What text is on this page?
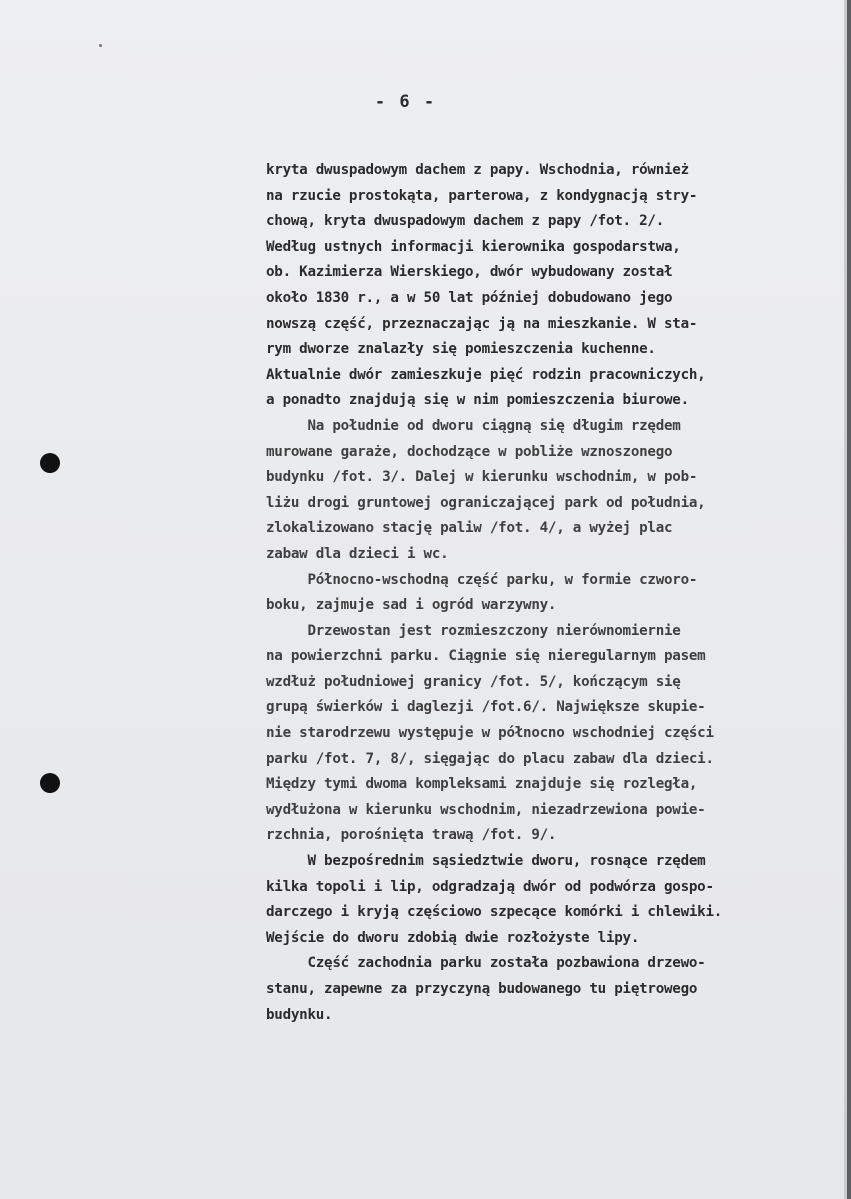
- 6 -
kryta dwuspadowym dachem z papy. Wschodnia, również
na rzucie prostokąta, parterowa, z kondygnacją stry-
chową, kryta dwuspadowym dachem z papy /fot. 2/.
Według ustnych informacji kierownika gospodarstwa,
ob. Kazimierza Wierskiego, dwór wybudowany został
około 1830 r., a w 50 lat później dobudowano jego
nowszą część, przeznaczając ją na mieszkanie. W sta-
rym dworze znalazły się pomieszczenia kuchenne.
Aktualnie dwór zamieszkuje pięć rodzin pracowniczych,
a ponadto znajdują się w nim pomieszczenia biurowe.
Na południe od dworu ciągną się długim rzędem
murowane garaże, dochodzące w pobliże wznoszonego
budynku /fot. 3/. Dalej w kierunku wschodnim, w pob-
liżu drogi gruntowej ograniczającej park od południa,
zlokalizowano stację paliw /fot. 4/, a wyżej plac
zabaw dla dzieci i wc.
Północno-wschodną część parku, w formie czworo-
boku, zajmuje sad i ogród warzywny.
Drzewostan jest rozmieszczony nierównomiernie
na powierzchni parku. Ciągnie się nieregularnym pasem
wzdłuż południowej granicy /fot. 5/, kończącym się
grupą świerków i daglezji /fot.6/. Największe skupie-
nie starodrzewu występuje w północno wschodniej części
parku /fot. 7, 8/, sięgając do placu zabaw dla dzieci.
Między tymi dwoma kompleksami znajduje się rozległa,
wydłużona w kierunku wschodnim, niezadrzewiona powie-
rzchnia, porośnięta trawą /fot. 9/.
W bezpośrednim sąsiedztwie dworu, rosnące rzędem
kilka topoli i lip, odgradzają dwór od podwórza gospo-
darczego i kryją częściowo szpecące komórki i chlewiki.
Wejście do dworu zdobią dwie rozłożyste lipy.
Część zachodnia parku została pozbawiona drzewo-
stanu, zapewne za przyczyną budowanego tu piętrowego
budynku.
